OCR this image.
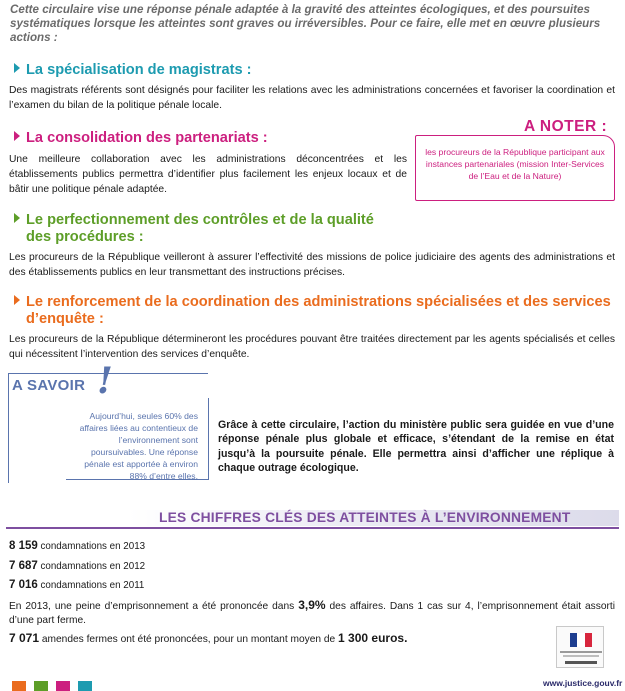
Cette circulaire vise une réponse pénale adaptée à la gravité des atteintes écologiques, et des poursuites systématiques lorsque les atteintes sont graves ou irréversibles. Pour ce faire, elle met en œuvre plusieurs actions :
La spécialisation de magistrats :
Des magistrats référents sont désignés pour faciliter les relations avec les administrations concernées et favoriser la coordination et l’examen du bilan de la politique pénale locale.
La consolidation des partenariats :
Une meilleure collaboration avec les administrations déconcentrées et les établissements publics permettra d’identifier plus facilement les enjeux locaux et de bâtir une politique pénale adaptée.
A NOTER :
les procureurs de la République participant aux instances partenariales (mission Inter-Services de l’Eau et de la Nature)
Le perfectionnement des contrôles et de la qualité
des procédures :
Les procureurs de la République veilleront à assurer l’effectivité des missions de police judiciaire des agents des administrations et des établissements publics en leur transmettant des instructions précises.
Le renforcement de la coordination des administrations spécialisées et des services
d’enquête :
Les procureurs de la République détermineront les procédures pouvant être traitées directement par les agents spécialisés et celles qui nécessitent l’intervention des services d’enquête.
A SAVOIR !
Aujourd’hui, seules 60% des affaires liées au contentieux de l’environnement sont poursuivables. Une réponse pénale est apportée à environ 88% d’entre elles.
Grâce à cette circulaire, l’action du ministère public sera guidée en vue d’une réponse pénale plus globale et efficace, s’étendant de la remise en état jusqu’à la poursuite pénale. Elle permettra ainsi d’afficher une réplique à chaque outrage écologique.
LES CHIFFRES CLÉS DES ATTEINTES À L’ENVIRONNEMENT
8 159 condamnations en 2013
7 687 condamnations en 2012
7 016 condamnations en 2011
En 2013, une peine d’emprisonnement a été prononcée dans 3,9% des affaires. Dans 1 cas sur 4, l’emprisonnement était assorti d’une part ferme.
7 071 amendes fermes ont été prononcées, pour un montant moyen de 1 300 euros.
www.justice.gouv.fr
